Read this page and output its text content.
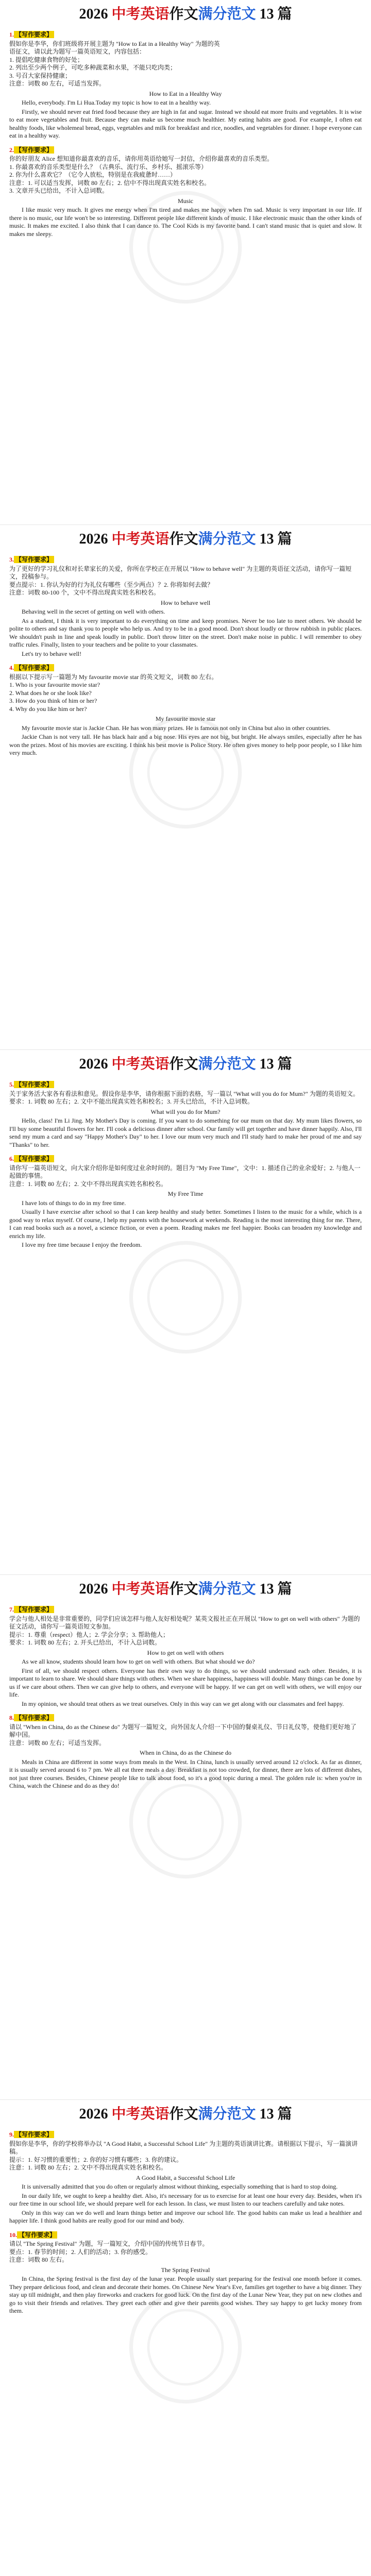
2026 中考英语作文满分范文 13 篇
1. 【写作要求】
假如你是李华，你们班级将开展主题为 "How to Eat in a Healthy Way" 为题的英
语征文，请以此为题写一篇英语短文，内容包括：
1. 提倡吃健康食物的好处；
2. 列出至少两个例子，可吃多种蔬菜和水果，不能只吃肉类；
3. 号召大家保持健康；
注意：词数 80 左右，可适当发挥。
How to Eat in a Healthy Way
Hello, everybody. I'm Li Hua.Today my topic is how to eat in a healthy way.
Firstly, we should never eat fried food because they are high in fat and sugar. Instead we should eat more fruits and vegetables. It is wise to eat more vegetables and fruit. Because they can make us become much healthier. My eating habits are good. For example, I often eat healthy foods, like wholemeal bread, eggs, vegetables and milk for breakfast and rice, noodles, and vegetables for dinner. I hope everyone can eat in a healthy way.
2. 【写作要求】
你的好朋友 Alice 想知道你最喜欢的音乐，请你用英语给她写一封信，介绍你最喜欢的音乐类型。
1. 你最喜欢的音乐类型是什么？（古典乐、流行乐、乡村乐、摇滚乐等）
2. 你为什么喜欢它？（它令人放松，特别是在我疲惫时……）
注意：1. 可以适当发挥，词数 80 左右；2. 信中不得出现真实姓名和校名。
3. 文章开头已给出，不计入总词数。
Music
I like music very much. It gives me energy when I'm tired and makes me happy when I'm sad. Music is very important in our life. If there is no music, our life won't be so interesting. Different people like different kinds of music. I like electronic music than the other kinds of music. It makes me excited. I also think that I can dance to. The Cool Kids is my favorite band. I can't stand music that is quiet and slow. It makes me sleepy.
2026 中考英语作文满分范文 13 篇
3. 【写作要求】
为了更好的学习礼仪和对长辈家长的关爱，你所在学校正在开展以 "How to behave well" 为主题的英语征文活动，请你写一篇短文，投稿参与。
要点提示：1. 你认为好的行为礼仪有哪些（至少两点）？2. 你将如何去做？
注意：词数 80-100 个，文中不得出现真实姓名和校名。
How to behave well
Behaving well in the secret of getting on well with others.
As a student, I think it is very important to do everything on time and keep promises. Never be too late to meet others. We should be polite to others and say thank you to people who help us. And try to be in a good mood. Don't shout loudly or throw rubbish in public places. We shouldn't push in line and speak loudly in public. Don't throw litter on the street. Don't make noise in public. I will remember to obey traffic rules. Finally, listen to your teachers and be polite to your classmates.
Let's try to behave well!
4. 【写作要求】
根据以下提示写一篇题为 My favourite movie star 的英文短文，词数 80 左右。
1. Who is your favourite movie star?
2. What does he or she look like?
3. How do you think of him or her?
4. Why do you like him or her?
My favourite movie star
My favourite movie star is Jackie Chan. He has won many prizes. He is famous not only in China but also in other countries.
Jackie Chan is not very tall. He has black hair and a big nose. His eyes are not big, but bright. He always smiles, especially after he has won the prizes. Most of his movies are exciting. I think his best movie is Police Story. He often gives money to help poor people, so I like him very much.
2026 中考英语作文满分范文 13 篇
5. 【写作要求】
关于家务活大家各有看法和意见。假设你是李华，请你根据下面的表格，写一篇以 "What will you do for Mum?" 为题的英语短文。
要求：1. 词数 80 左右；2. 文中不能出现真实姓名和校名；3. 开头已给出，不计入总词数。
What will you do for Mum?
Hello, class! I'm Li Jing. My Mother's Day is coming. If you want to do something for our mum on that day. My mum likes flowers, so I'll buy some beautiful flowers for her. I'll cook a delicious dinner after school. Our family will get together and have dinner happily. Also, I'll send my mum a card and say "Happy Mother's Day" to her. I love our mum very much and I'll study hard to make her proud of me and say "Thanks" to her.
6. 【写作要求】
请你写一篇英语短文，向大家介绍你是如何度过业余时间的。题目为 "My Free Time"，文中：1. 描述自己的业余爱好；2. 与他人一起做的事情。
注意：1. 词数 80 左右；2. 文中不得出现真实姓名和校名。
My Free Time
I have lots of things to do in my free time.
Usually I have exercise after school so that I can keep healthy and study better. Sometimes I listen to the music for a while, which is a good way to relax myself. Of course, I help my parents with the housework at weekends. Reading is the most interesting thing for me. There, I can read books such as a novel, a science fiction, or even a poem. Reading makes me feel happier. Books can broaden my knowledge and enrich my life.
I love my free time because I enjoy the freedom.
2026 中考英语作文满分范文 13 篇
7. 【写作要求】
学会与他人相处是非常重要的，同学们应该怎样与他人友好相处呢？某英文报社正在开展以 "How to get on well with others" 为题的征文活动，请你写一篇英语短文参加。
提示：1. 尊重（respect）他人；2. 学会分享；3. 帮助他人；
要求：1. 词数 80 左右；2. 开头已给出，不计入总词数。
How to get on well with others
As we all know, students should learn how to get on well with others. But what should we do?
First of all, we should respect others. Everyone has their own way to do things, so we should understand each other. Besides, it is important to learn to share. We should share things with others. When we share happiness, happiness will double. Many things can be done by us if we care about others. Then we can give help to others, and everyone will be happy. If we can get on well with others, we will enjoy our life.
In my opinion, we should treat others as we treat ourselves. Only in this way can we get along with our classmates and feel happy.
8. 【写作要求】
请以 "When in China, do as the Chinese do" 为题写一篇短文，向外国友人介绍一下中国的餐桌礼仪、节日礼仪等，使他们更好地了解中国。
注意：词数 80 左右；可适当发挥。
When in China, do as the Chinese do
Meals in China are different in some ways from meals in the West. In China, lunch is usually served around 12 o'clock. As far as dinner, it is usually served around 6 to 7 pm. We all eat three meals a day. Breakfast is not too crowded, for dinner, there are lots of different dishes, not just three courses. Besides, Chinese people like to talk about food, so it's a good topic during a meal. The golden rule is: when you're in China, watch the Chinese and do as they do!
2026 中考英语作文满分范文 13 篇
9. 【写作要求】
假如你是李华，你的学校将举办以 "A Good Habit, a Successful School Life" 为主题的英语演讲比赛。请根据以下提示，写一篇演讲稿。
提示：1. 好习惯的重要性；2. 你的好习惯有哪些；3. 你的建议。
注意：1. 词数 80 左右；2. 文中不得出现真实姓名和校名。
A Good Habit, a Successful School Life
It is universally admitted that you do often or regularly almost without thinking, especially something that is hard to stop doing.
In our daily life, we ought to keep a healthy diet. Also, it's necessary for us to exercise for at least one hour every day. Besides, when it's our free time in our school life, we should prepare well for each lesson. In class, we must listen to our teachers carefully and take notes.
Only in this way can we do well and learn things better and improve our school life. The good habits can make us lead a healthier and happier life. I think good habits are really good for our mind and body.
10. 【写作要求】
请以 "The Spring Festival" 为题，写一篇短文，介绍中国的传统节日春节。
要点：1. 春节的时间；2. 人们的活动；3. 你的感受。
注意：词数 80 左右。
The Spring Festival
In China, the Spring festival is the first day of the lunar year. People usually start preparing for the festival one month before it comes. They prepare delicious food, and clean and decorate their homes. On Chinese New Year's Eve, families get together to have a big dinner. They stay up till midnight, and then play fireworks and crackers for good luck. On the first day of the Lunar New Year, they put on new clothes and go to visit their friends and relatives. They greet each other and give their parents good wishes. They say happy to get lucky money from them.
